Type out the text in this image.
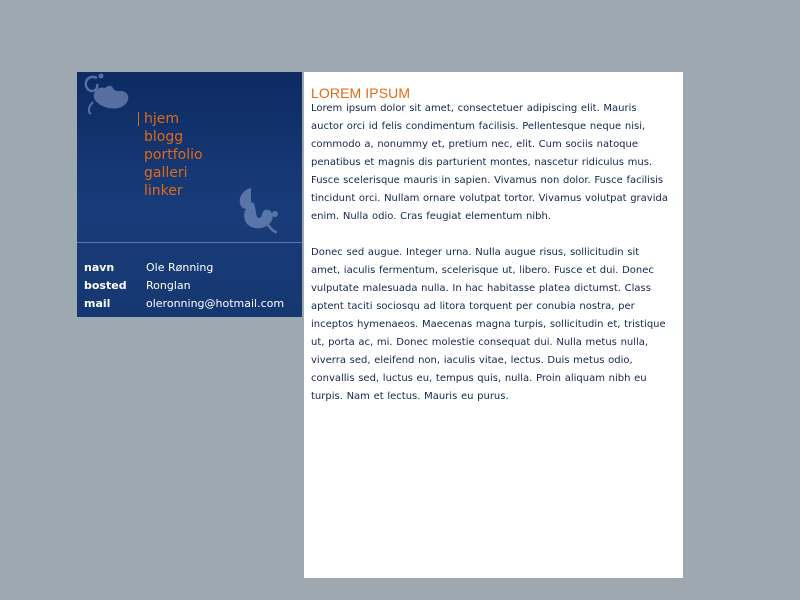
hjem
blogg
portfolio
galleri
linker
navn	Ole Rønning
bosted	Ronglan
mail	oleronning@hotmail.com
LOREM IPSUM

Lorem ipsum dolor sit amet, consectetuer adipiscing elit. Mauris auctor orci id felis condimentum facilisis. Pellentesque neque nisi, commodo a, nonummy et, pretium nec, elit. Cum sociis natoque penatibus et magnis dis parturient montes, nascetur ridiculus mus. Fusce scelerisque mauris in sapien. Vivamus non dolor. Fusce facilisis tincidunt orci. Nullam ornare volutpat tortor. Vivamus volutpat gravida enim. Nulla odio. Cras feugiat elementum nibh.

Donec sed augue. Integer urna. Nulla augue risus, sollicitudin sit amet, iaculis fermentum, scelerisque ut, libero. Fusce et dui. Donec vulputate malesuada nulla. In hac habitasse platea dictumst. Class aptent taciti sociosqu ad litora torquent per conubia nostra, per inceptos hymenaeos. Maecenas magna turpis, sollicitudin et, tristique ut, porta ac, mi. Donec molestie consequat dui. Nulla metus nulla, viverra sed, eleifend non, iaculis vitae, lectus. Duis metus odio, convallis sed, luctus eu, tempus quis, nulla. Proin aliquam nibh eu turpis. Nam et lectus. Mauris eu purus.
